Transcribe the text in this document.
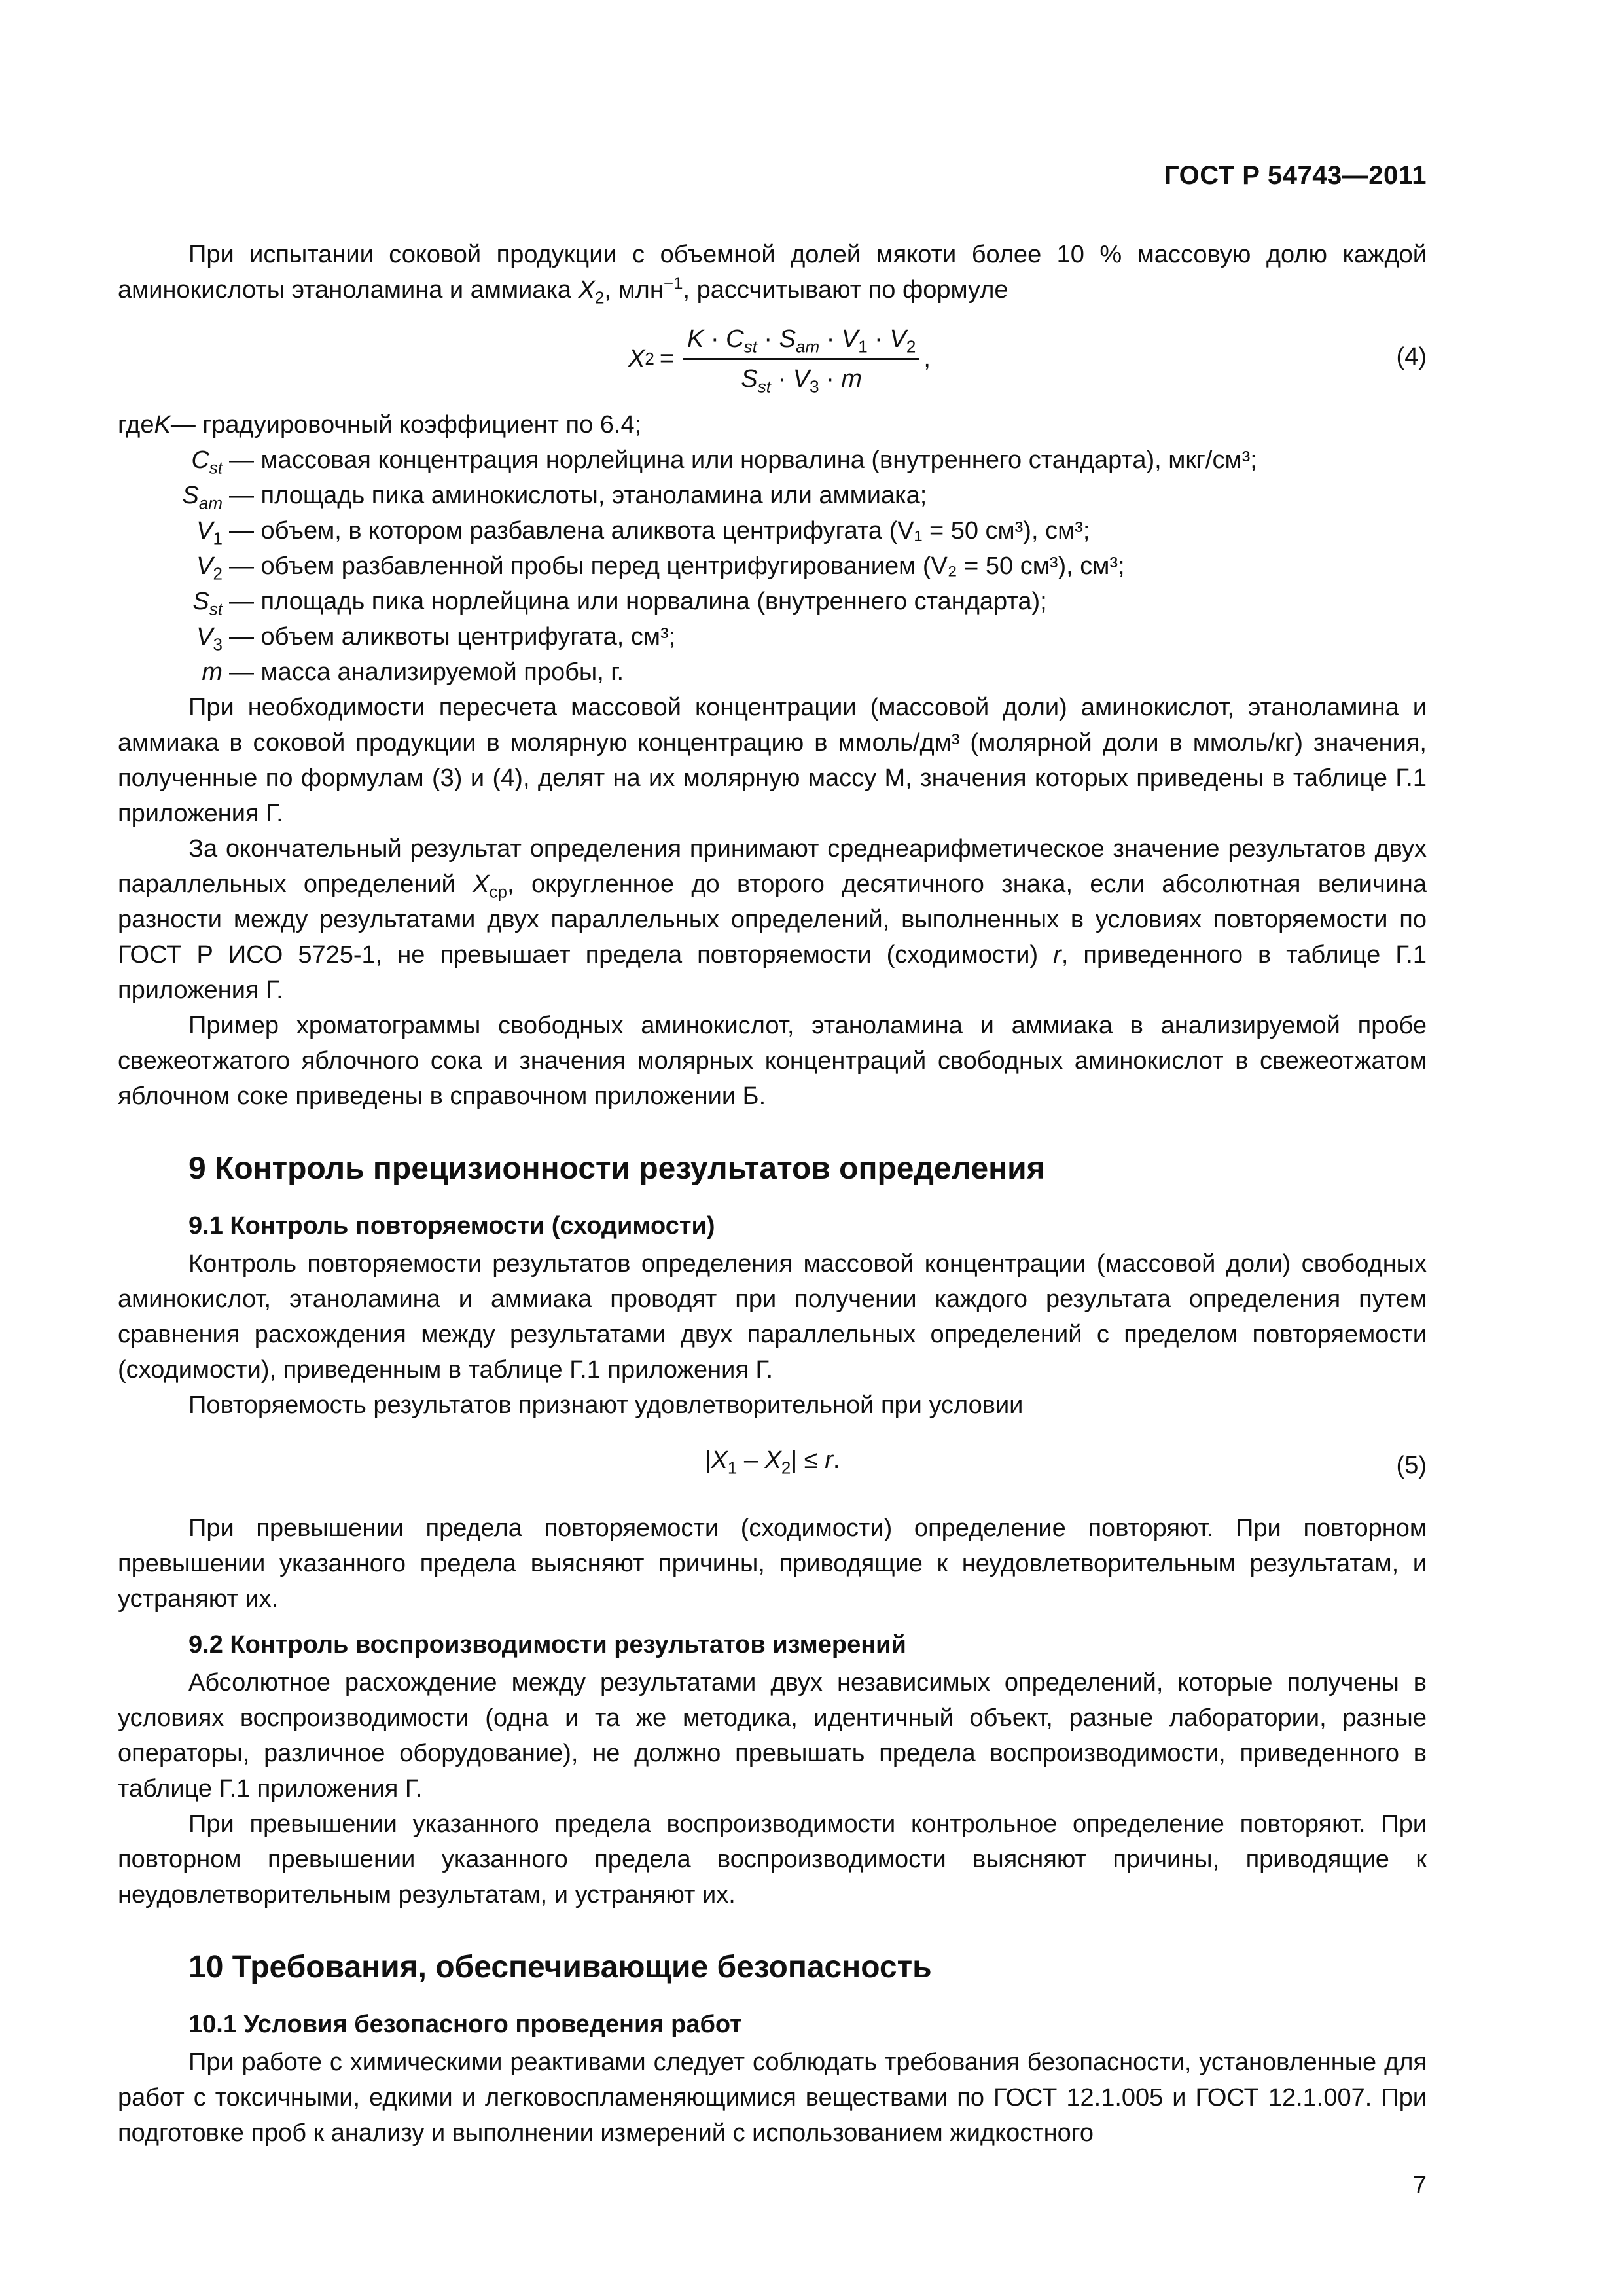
ГОСТ Р 54743—2011

При испытании соковой продукции с объемной долей мякоти более 10 % массовую долю каждой аминокислоты этаноламина и аммиака $X_2$, млн$^{-1}$, рассчитывают по формуле

X $2 = \frac{K \cdot C_{st} \cdot S_{am} \cdot V_1 \cdot V_2}{S_{st} \cdot V_3 \cdot m}$ ,	(4)
где K — градуировочный коэффициент по 6.4;
$C_{st}$ — массовая концентрация норлейцина или норвалина (внутреннего стандарта), мкг/см³;
$S_{am}$ — площадь пика аминокислоты, этаноламина или аммиака;
$V_1$ — объем, в котором разбавлена аликвота центрифугата (V₁ = 50 см³), см³;
$V_2$ — объем разбавленной пробы перед центрифугированием (V₂ = 50 см³), см³;
$S_{st}$ — площадь пика норлейцина или норвалина (внутреннего стандарта);
$V_3$ — объем аликвоты центрифугата, см³;
m — масса анализируемой пробы, г.

При необходимости пересчета массовой концентрации (массовой доли) аминокислот, этаноламина и аммиака в соковой продукции в молярную концентрацию в ммоль/дм³ (молярной доли в ммоль/кг) значения, полученные по формулам (3) и (4), делят на их молярную массу М, значения которых приведены в таблице Г.1 приложения Г.

За окончательный результат определения принимают среднеарифметическое значение результатов двух параллельных определений $X_{ср}$, округленное до второго десятичного знака, если абсолютная величина разности между результатами двух параллельных определений, выполненных в условиях повторяемости по ГОСТ Р ИСО 5725-1, не превышает предела повторяемости (сходимости) r, приведенного в таблице Г.1 приложения Г.

Пример хроматограммы свободных аминокислот, этаноламина и аммиака в анализируемой пробе свежеотжатого яблочного сока и значения молярных концентраций свободных аминокислот в свежеотжатом яблочном соке приведены в справочном приложении Б.

9 Контроль прецизионности результатов определения
9.1 Контроль повторяемости (сходимости)

Контроль повторяемости результатов определения массовой концентрации (массовой доли) свободных аминокислот, этаноламина и аммиака проводят при получении каждого результата определения путем сравнения расхождения между результатами двух параллельных определений с пределом повторяемости (сходимости), приведенным в таблице Г.1 приложения Г.

Повторяемость результатов признают удовлетворительной при условии

$|X_1 - X_2| \le r$.	(5)

При превышении предела повторяемости (сходимости) определение повторяют. При повторном превышении указанного предела выясняют причины, приводящие к неудовлетворительным результатам, и устраняют их.

9.2 Контроль воспроизводимости результатов измерений

Абсолютное расхождение между результатами двух независимых определений, которые получены в условиях воспроизводимости (одна и та же методика, идентичный объект, разные лаборатории, разные операторы, различное оборудование), не должно превышать предела воспроизводимости, приведенного в таблице Г.1 приложения Г.

При превышении указанного предела воспроизводимости контрольное определение повторяют. При повторном превышении указанного предела воспроизводимости выясняют причины, приводящие к неудовлетворительным результатам, и устраняют их.

10 Требования, обеспечивающие безопасность
10.1 Условия безопасного проведения работ

При работе с химическими реактивами следует соблюдать требования безопасности, установленные для работ с токсичными, едкими и легковоспламеняющимися веществами по ГОСТ 12.1.005 и ГОСТ 12.1.007. При подготовке проб к анализу и выполнении измерений с использованием жидкостного

7
